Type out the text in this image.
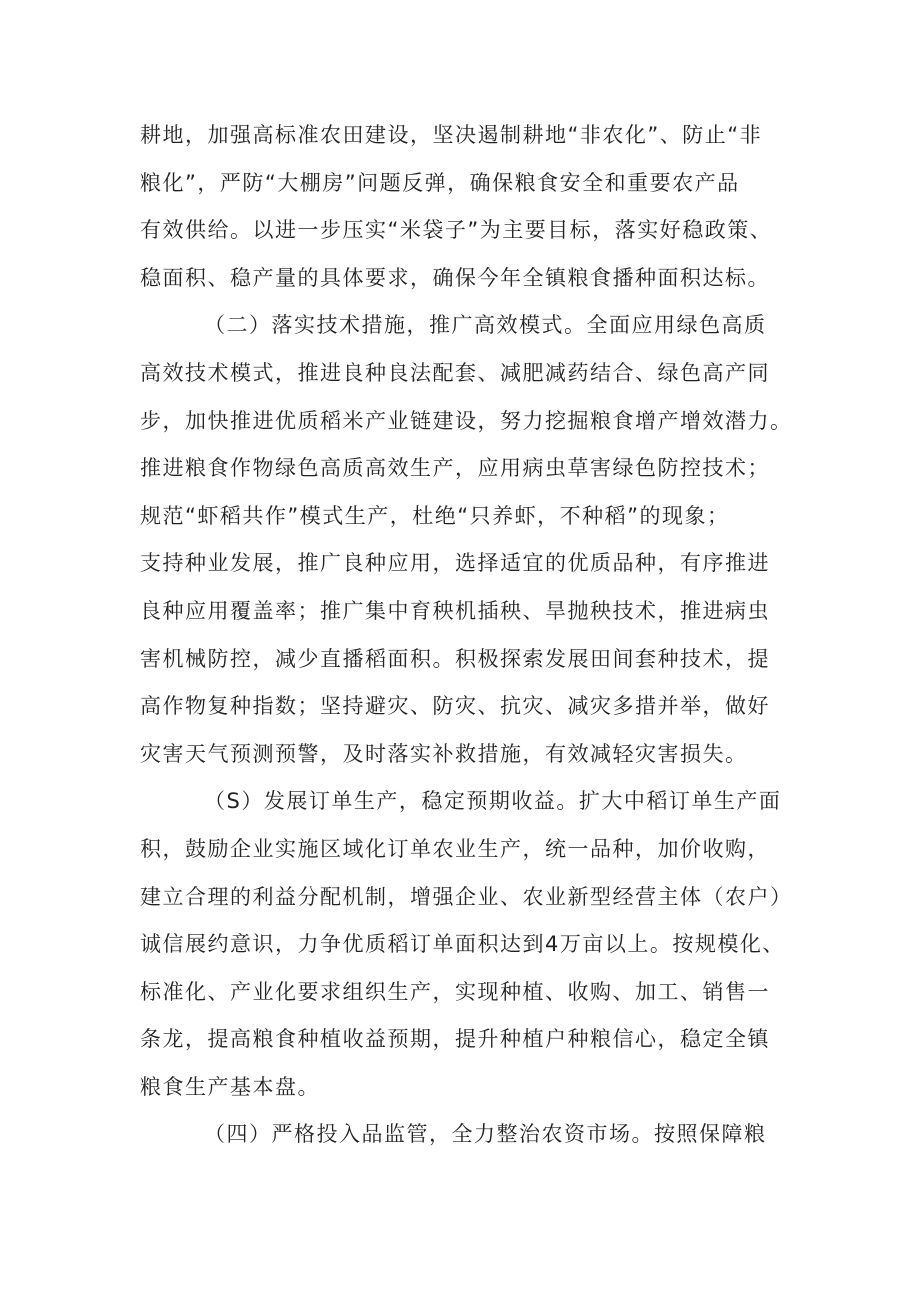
耕地，加强高标准农田建设，坚决遏制耕地“非农化”、防止“非
粮化”，严防“大棚房”问题反弹，确保粮食安全和重要农产品
有效供给。以进一步压实“米袋子”为主要目标，落实好稳政策、
稳面积、稳产量的具体要求，确保今年全镇粮食播种面积达标。
（二）落实技术措施，推广高效模式。全面应用绿色高质
高效技术模式，推进良种良法配套、减肥减药结合、绿色高产同
步，加快推进优质稻米产业链建设，努力挖掘粮食增产增效潜力。
推进粮食作物绿色高质高效生产，应用病虫草害绿色防控技术；
规范“虾稻共作”模式生产，杜绝“只养虾，不种稻”的现象；
支持种业发展，推广良种应用，选择适宜的优质品种，有序推进
良种应用覆盖率；推广集中育秧机插秧、旱抛秧技术，推进病虫
害机械防控，减少直播稻面积。积极探索发展田间套种技术，提
高作物复种指数；坚持避灾、防灾、抗灾、减灾多措并举，做好
灾害天气预测预警，及时落实补救措施，有效减轻灾害损失。
（S）发展订单生产，稳定预期收益。扩大中稻订单生产面
积，鼓励企业实施区域化订单农业生产，统一品种，加价收购，
建立合理的利益分配机制，增强企业、农业新型经营主体（农户）
诚信展约意识，力争优质稻订单面积达到4万亩以上。按规模化、
标准化、产业化要求组织生产，实现种植、收购、加工、销售一
条龙，提高粮食种植收益预期，提升种植户种粮信心，稳定全镇
粮食生产基本盘。
（四）严格投入品监管，全力整治农资市场。按照保障粮
